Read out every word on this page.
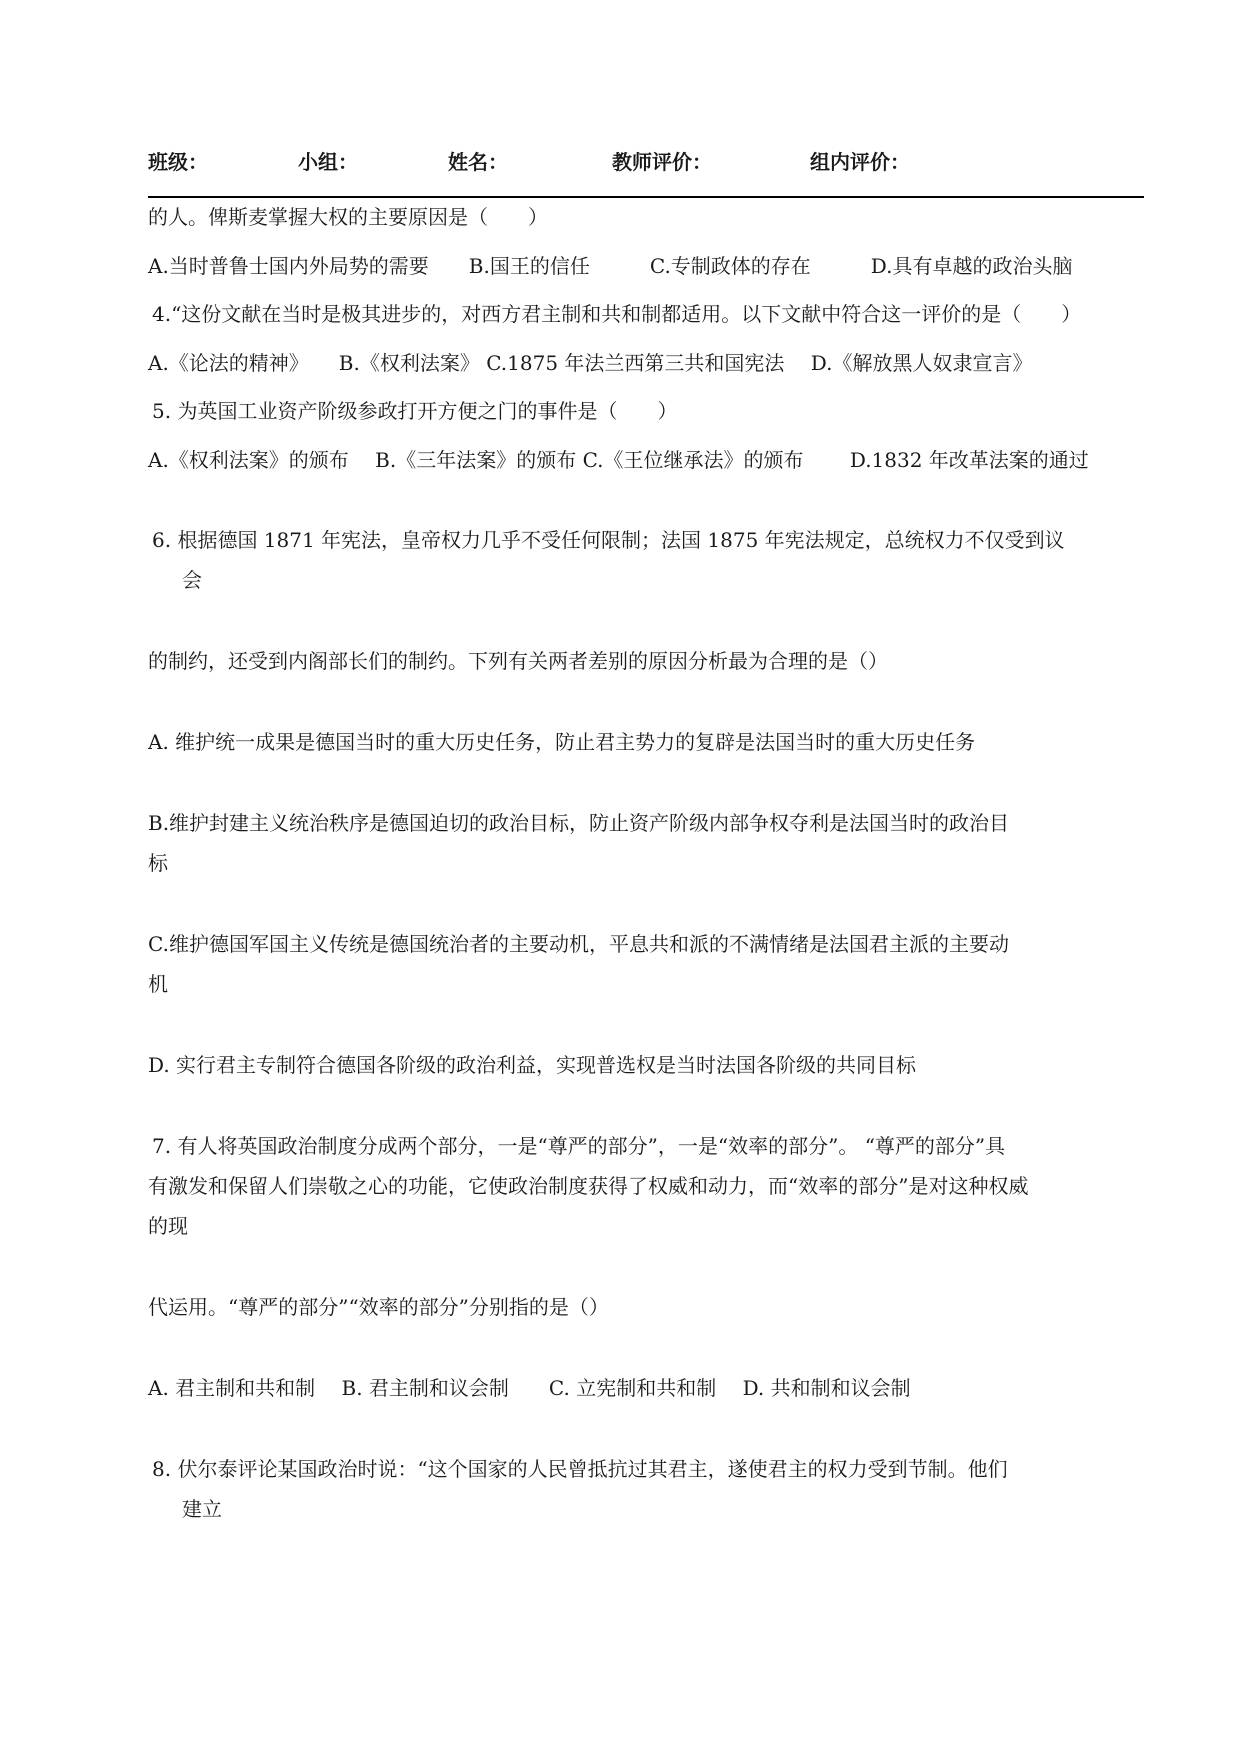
班级：	小组：	姓名：	教师评价：	组内评价：
的人。俾斯麦掌握大权的主要原因是（　　）
A.当时普鲁士国内外局势的需要　　B.国王的信任　　　C.专制政体的存在　　　D.具有卓越的政治头脑
4.“这份文献在当时是极其进步的，对西方君主制和共和制都适用。以下文献中符合这一评价的是（　　）
A.《论法的精神》　　B.《权利法案》 C.1875 年法兰西第三共和国宪法　 D.《解放黑人奴隶宣言》
5. 为英国工业资产阶级参政打开方便之门的事件是（　　）
A.《权利法案》的颁布　 B.《三年法案》的颁布 C.《王位继承法》的颁布　　 D.1832 年改革法案的通过
6. 根据德国 1871 年宪法，皇帝权力几乎不受任何限制；法国 1875 年宪法规定，总统权力不仅受到议
会
的制约，还受到内阁部长们的制约。下列有关两者差别的原因分析最为合理的是（）
A. 维护统一成果是德国当时的重大历史任务，防止君主势力的复辟是法国当时的重大历史任务
B.维护封建主义统治秩序是德国迫切的政治目标，防止资产阶级内部争权夺利是法国当时的政治目
标
C.维护德国军国主义传统是德国统治者的主要动机，平息共和派的不满情绪是法国君主派的主要动
机
D. 实行君主专制符合德国各阶级的政治利益，实现普选权是当时法国各阶级的共同目标
7. 有人将英国政治制度分成两个部分，一是“尊严的部分”，一是“效率的部分”。 “尊严的部分”具
有激发和保留人们崇敬之心的功能，它使政治制度获得了权威和动力，而“效率的部分”是对这种权威
的现
代运用。“尊严的部分”“效率的部分”分别指的是（）
A. 君主制和共和制　 B. 君主制和议会制　　C. 立宪制和共和制　 D. 共和制和议会制
8. 伏尔泰评论某国政治时说：“这个国家的人民曾抵抗过其君主，遂使君主的权力受到节制。他们
建立
